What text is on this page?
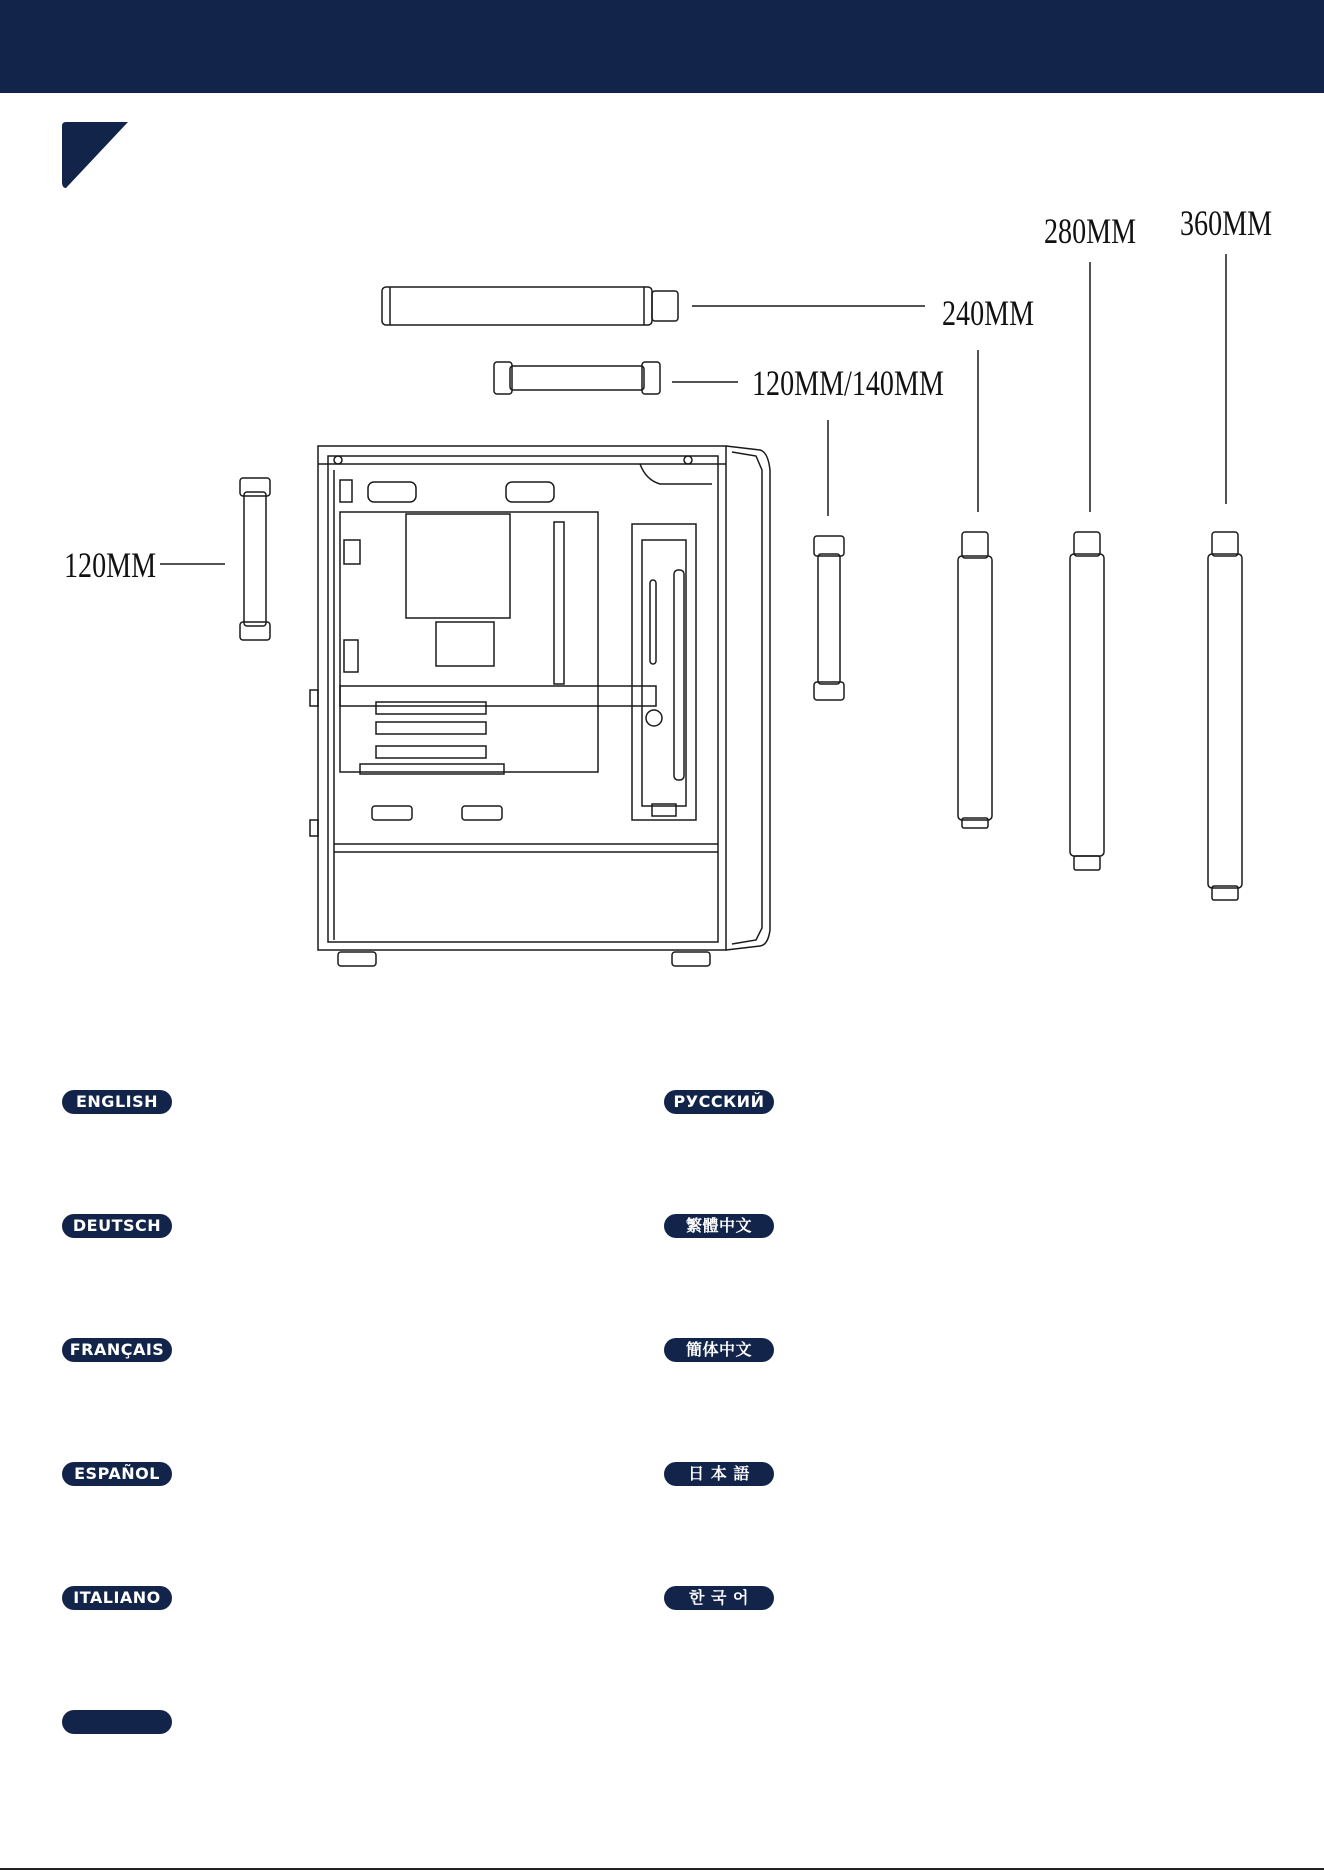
120MM
240MM
120MM/140MM
280MM 360MM
ENGLISH
DEUTSCH
FRANÇAIS
ESPAÑOL
ITALIANO
РУССКИЙ
繁體中文
簡体中文
日 本 語
한 국 어
